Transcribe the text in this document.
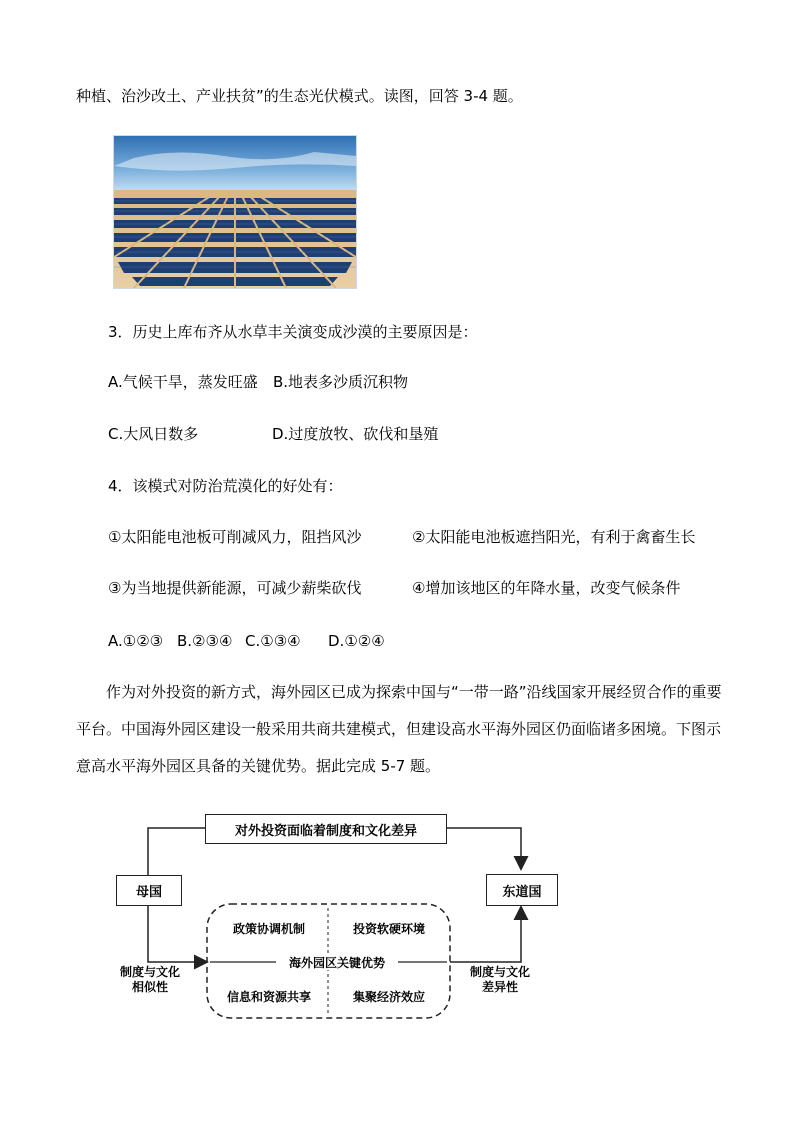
种植、治沙改土、产业扶贫”的生态光伏模式。读图，回答 3-4 题。
3．历史上库布齐从水草丰关演变成沙漠的主要原因是：
A.气候干旱，蒸发旺盛 B.地表多沙质沉积物
C.大风日数多	D.过度放牧、砍伐和垦殖
4．该模式对防治荒漠化的好处有：
①太阳能电池板可削减风力，阻挡风沙	②太阳能电池板遮挡阳光，有利于禽畜生长
③为当地提供新能源，可减少薪柴砍伐	④增加该地区的年降水量，改变气候条件
A.①②③ B.②③④ C.①③④ D.①②④
作为对外投资的新方式，海外园区已成为探索中国与“一带一路”沿线国家开展经贸合作的重要平台。中国海外园区建设一般采用共商共建模式，但建设高水平海外园区仍面临诸多困境。下图示意高水平海外园区具备的关键优势。据此完成 5-7 题。
对外投资面临着制度和文化差异
母国	东道国
制度与文化
相似性
制度与文化
差异性
政策协调机制	投资软硬环境
海外园区关键优势
信息和资源共享	集聚经济效应
